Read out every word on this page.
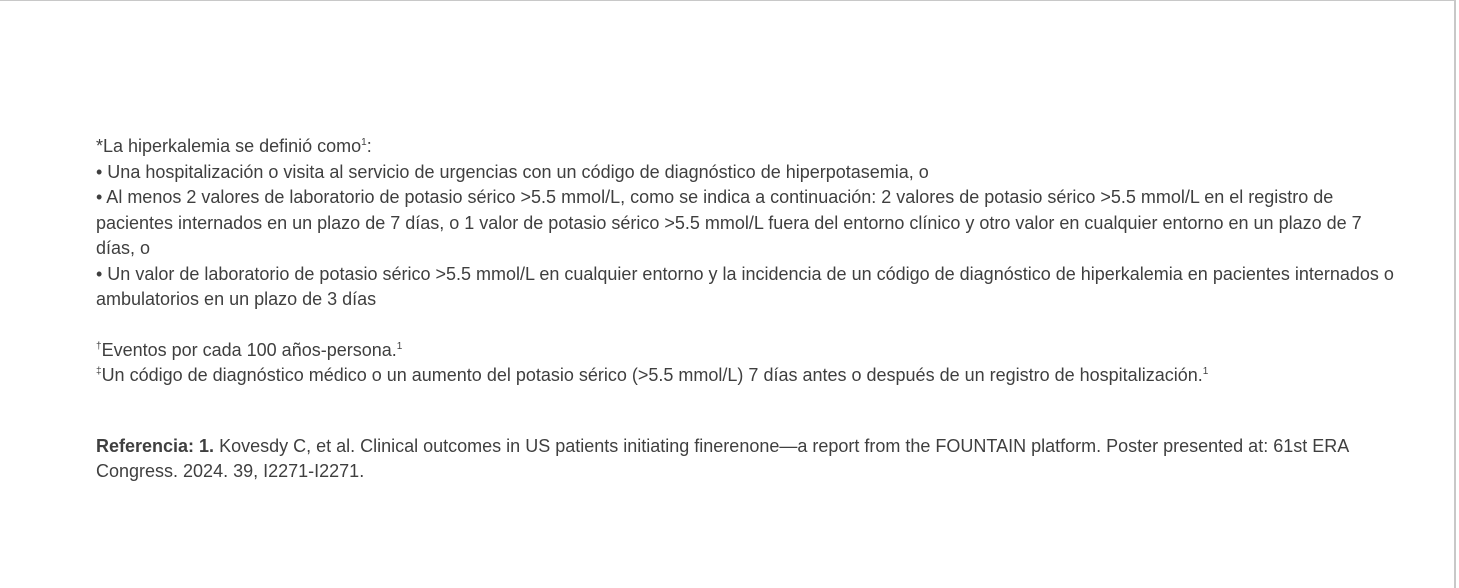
*La hiperkalemia se definió como$^1$:

• Una hospitalización o visita al servicio de urgencias con un código de diagnóstico de hiperpotasemia, o

• Al menos 2 valores de laboratorio de potasio sérico >5.5 mmol/L, como se indica a continuación: 2 valores de potasio sérico >5.5 mmol/L en el registro de pacientes internados en un plazo de 7 días, o 1 valor de potasio sérico >5.5 mmol/L fuera del entorno clínico y otro valor en cualquier entorno en un plazo de 7 días, o

• Un valor de laboratorio de potasio sérico >5.5 mmol/L en cualquier entorno y la incidencia de un código de diagnóstico de hiperkalemia en pacientes internados o ambulatorios en un plazo de 3 días

†Eventos por cada 100 años-persona.$^1$

‡Un código de diagnóstico médico o un aumento del potasio sérico (>5.5 mmol/L) 7 días antes o después de un registro de hospitalización.$^1$

Referencia: 1. Kovesdy C, et al. Clinical outcomes in US patients initiating finerenone—a report from the FOUNTAIN platform. Poster presented at: 61st ERA Congress. 2024. 39, I2271-I2271.
